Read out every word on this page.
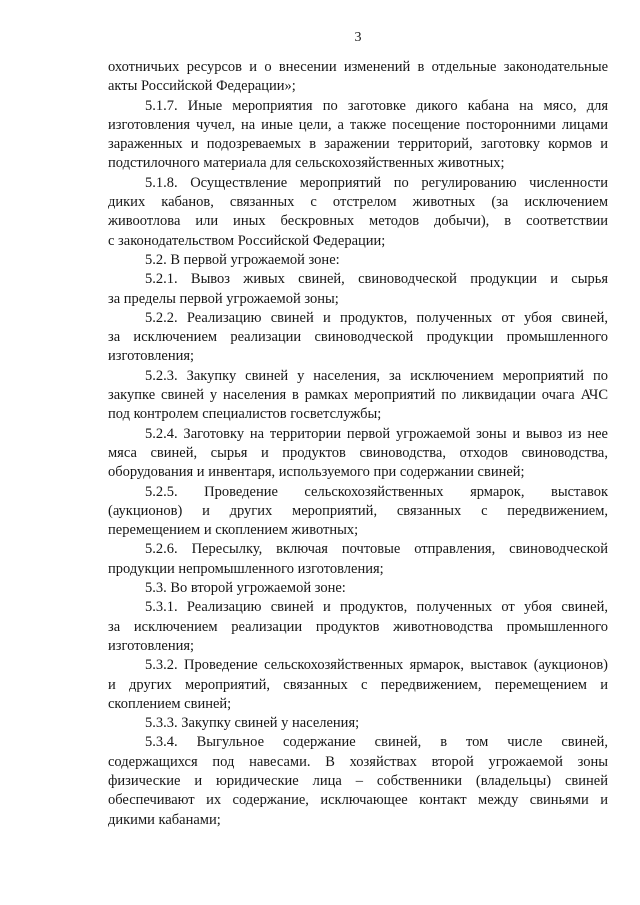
3
охотничьих ресурсов и о внесении изменений в отдельные законодательные
акты Российской Федерации»;
5.1.7. Иные мероприятия по заготовке дикого кабана на мясо, для
изготовления чучел, на иные цели, а также посещение посторонними лицами
зараженных и подозреваемых в заражении территорий, заготовку кормов и
подстилочного материала для сельскохозяйственных животных;
5.1.8. Осуществление мероприятий по регулированию численности
диких кабанов, связанных с отстрелом животных (за исключением
живоотлова или иных бескровных методов добычи), в соответствии
с законодательством Российской Федерации;
5.2. В первой угрожаемой зоне:
5.2.1. Вывоз живых свиней, свиноводческой продукции и сырья
за пределы первой угрожаемой зоны;
5.2.2. Реализацию свиней и продуктов, полученных от убоя свиней,
за исключением реализации свиноводческой продукции промышленного
изготовления;
5.2.3. Закупку свиней у населения, за исключением мероприятий по
закупке свиней у населения в рамках мероприятий по ликвидации очага АЧС
под контролем специалистов госветслужбы;
5.2.4. Заготовку на территории первой угрожаемой зоны и вывоз из нее
мяса свиней, сырья и продуктов свиноводства, отходов свиноводства,
оборудования и инвентаря, используемого при содержании свиней;
5.2.5. Проведение сельскохозяйственных ярмарок, выставок
(аукционов) и других мероприятий, связанных с передвижением,
перемещением и скоплением животных;
5.2.6. Пересылку, включая почтовые отправления, свиноводческой
продукции непромышленного изготовления;
5.3. Во второй угрожаемой зоне:
5.3.1. Реализацию свиней и продуктов, полученных от убоя свиней,
за исключением реализации продуктов животноводства промышленного
изготовления;
5.3.2. Проведение сельскохозяйственных ярмарок, выставок (аукционов)
и других мероприятий, связанных с передвижением, перемещением и
скоплением свиней;
5.3.3. Закупку свиней у населения;
5.3.4. Выгульное содержание свиней, в том числе свиней,
содержащихся под навесами. В хозяйствах второй угрожаемой зоны
физические и юридические лица – собственники (владельцы) свиней
обеспечивают их содержание, исключающее контакт между свиньями и
дикими кабанами;
